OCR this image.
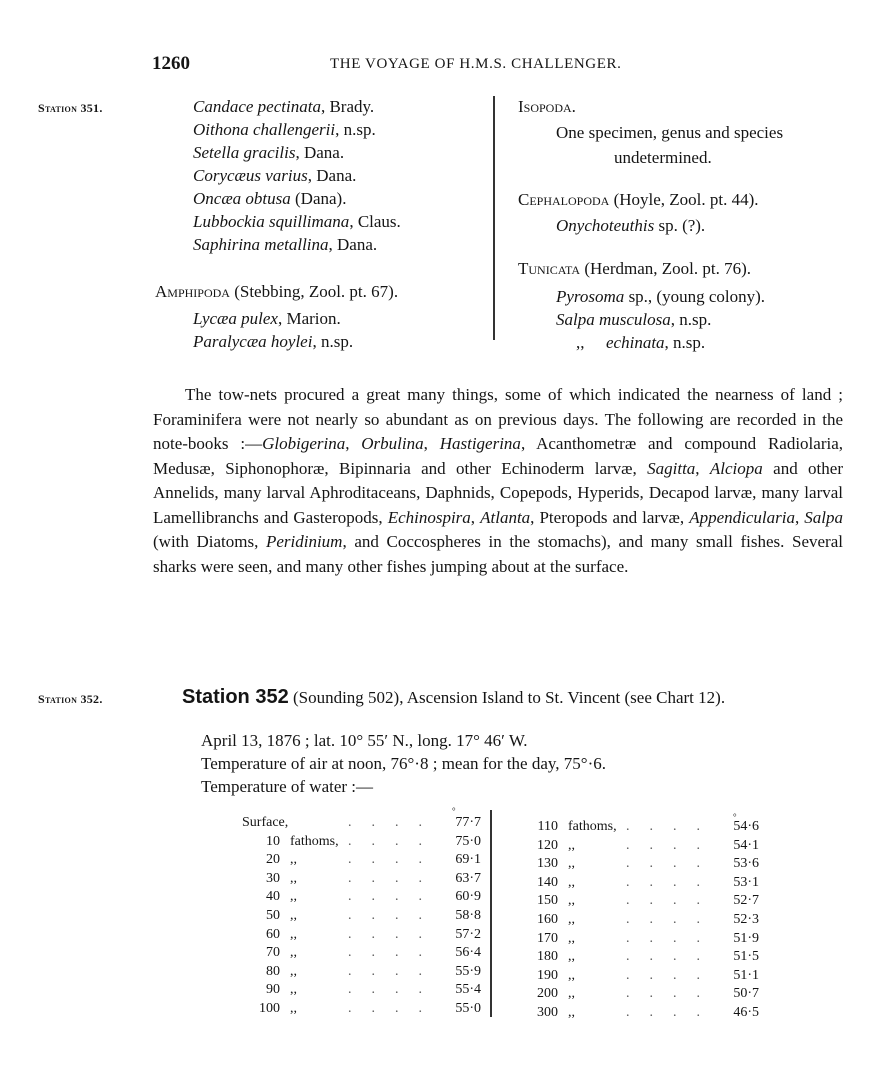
1260	THE VOYAGE OF H.M.S. CHALLENGER.
Station 351.	Candace pectinata, Brady.
Oithona challengerii, n.sp.
Setella gracilis, Dana.
Corycæus varius, Dana.
Oncæa obtusa (Dana).
Lubbockia squillimana, Claus.
Saphirina metallina, Dana.
Amphipoda (Stebbing, Zool. pt. 67).
Lycæa pulex, Marion.
Paralycæa hoylei, n.sp.
Isopoda.
One specimen, genus and species
undetermined.
Cephalopoda (Hoyle, Zool. pt. 44).
Onychoteuthis sp. (?).
Tunicata (Herdman, Zool. pt. 76).
Pyrosoma sp., (young colony).
Salpa musculosa, n.sp.
,, echinata, n.sp.

The tow-nets procured a great many things, some of which indicated the nearness of land ; Foraminifera were not nearly so abundant as on previous days. The following are recorded in the note-books :—Globigerina, Orbulina, Hastigerina, Acanthometræ and compound Radiolaria, Medusæ, Siphonophoræ, Bipinnaria and other Echinoderm larvæ, Sagitta, Alciopa and other Annelids, many larval Aphroditaceans, Daphnids, Copepods, Hyperids, Decapod larvæ, many larval Lamellibranchs and Gasteropods, Echinospira, Atlanta, Pteropods and larvæ, Appendicularia, Salpa (with Diatoms, Peridinium, and Coccospheres in the stomachs), and many small fishes. Several sharks were seen, and many other fishes jumping about at the surface.

Station 352.	Station 352 (Sounding 502), Ascension Island to St. Vincent (see Chart 12).
April 13, 1876 ; lat. 10° 55′ N., long. 17° 46′ W.
Temperature of air at noon, 76°·8 ; mean for the day, 75°·6.
Temperature of water :—
°
Surface,		....	77·7
10	fathoms,	....	75·0
20	,,	....	69·1
30	,,	....	63·7
40	,,	....	60·9
50	,,	....	58·8
60	,,	....	57·2
70	,,	....	56·4
80	,,	....	55·9
90	,,	....	55·4
100	,,	....	55·0
°
110	fathoms,	....	54·6
120	,,	....	54·1
130	,,	....	53·6
140	,,	....	53·1
150	,,	....	52·7
160	,,	....	52·3
170	,,	....	51·9
180	,,	....	51·5
190	,,	....	51·1
200	,,	....	50·7
300	,,	....	46·5
